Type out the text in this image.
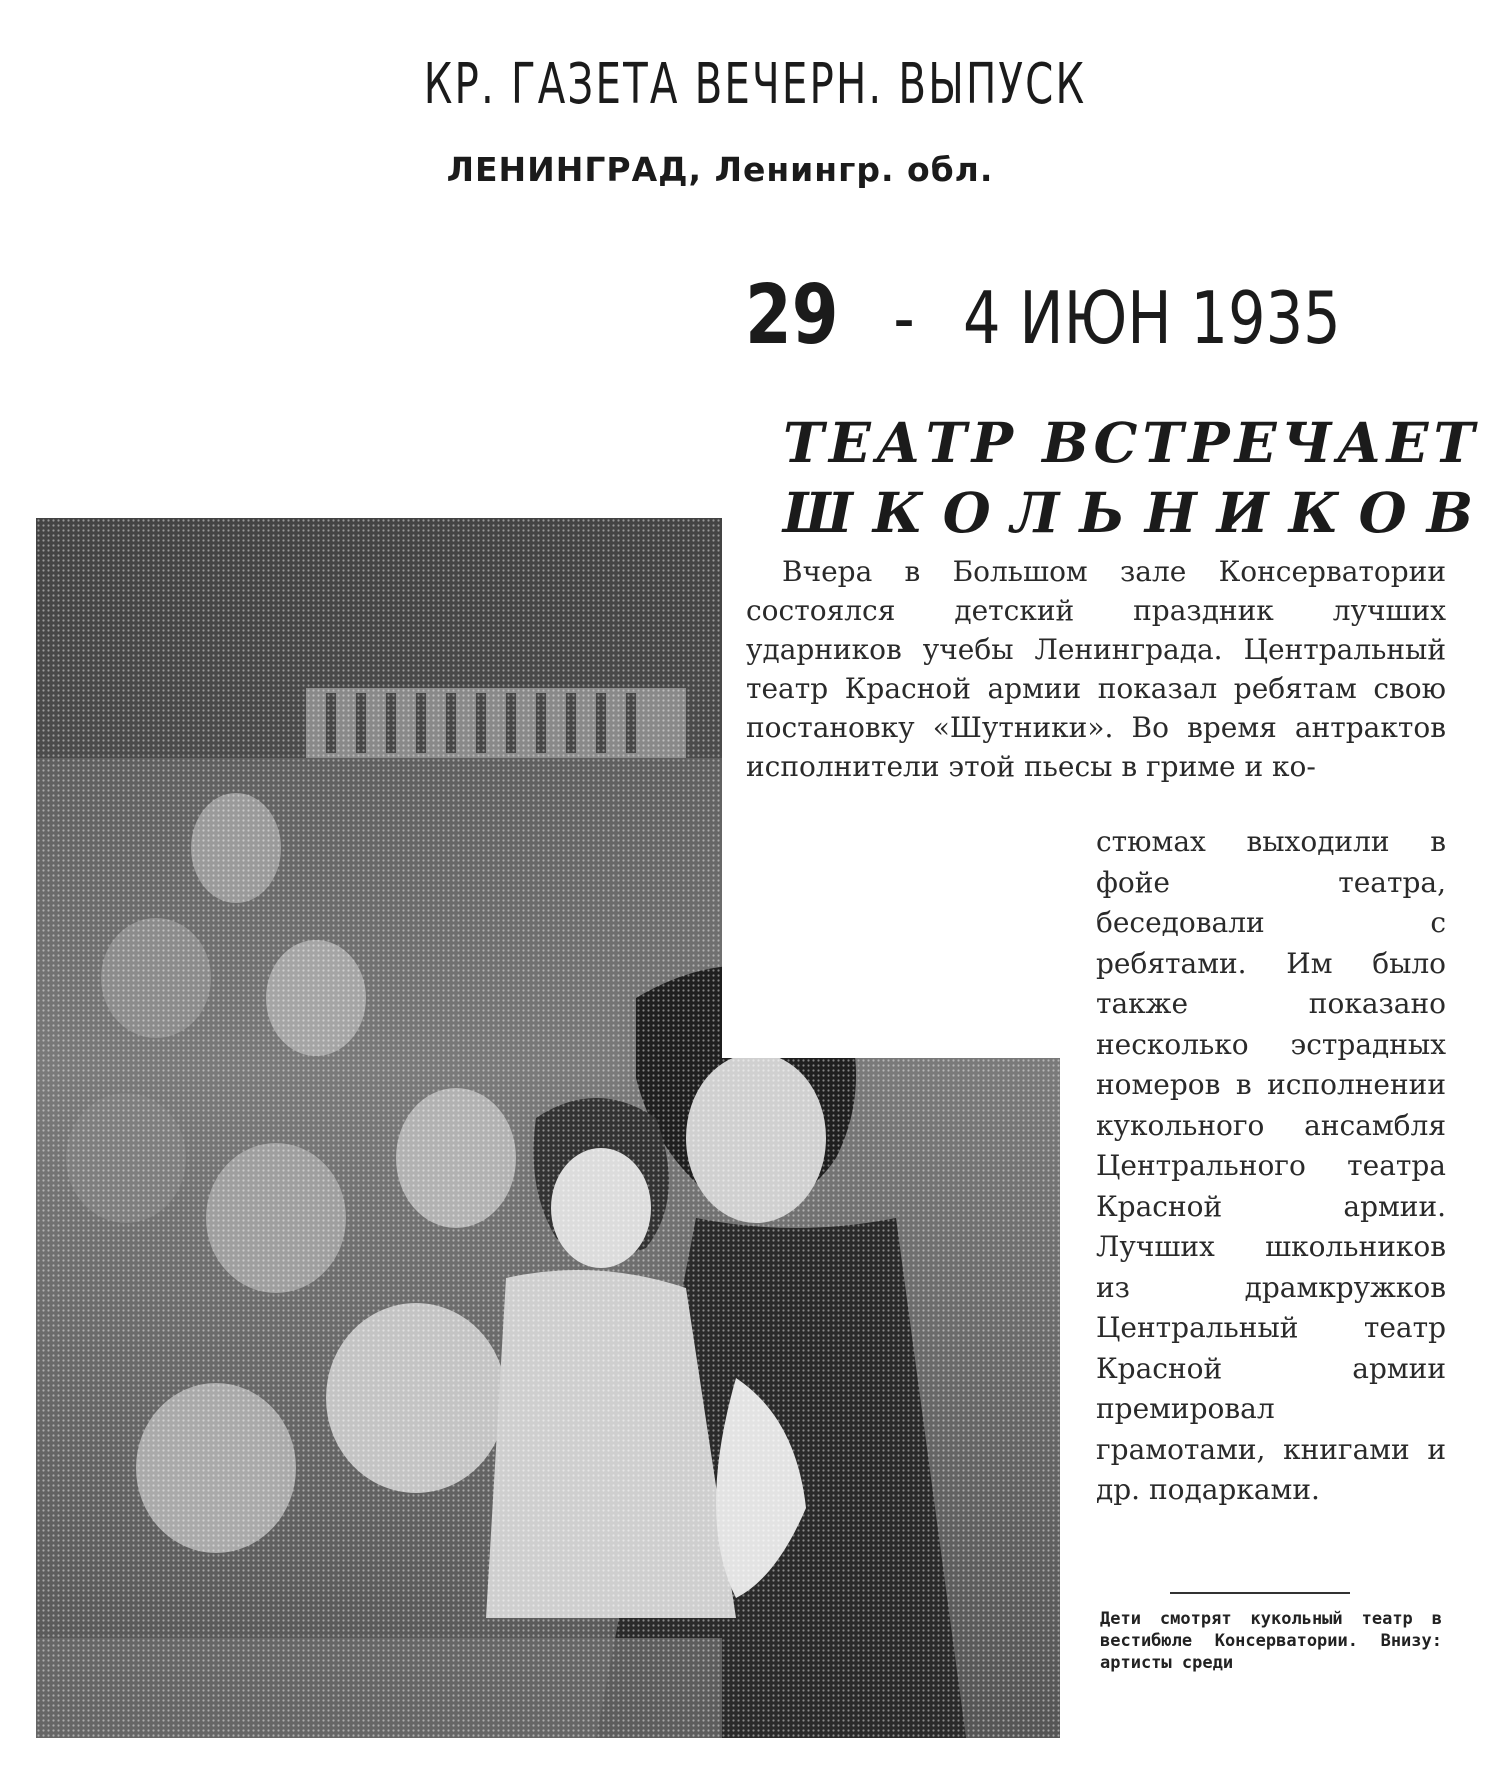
КР. ГАЗЕТА ВЕЧЕРН. ВЫПУСК
ЛЕНИНГРАД, Ленингр. обл.
29 - 4 ИЮН 1935
ТЕАТР ВСТРЕЧАЕТ
ШКОЛЬНИКОВ
Вчера в Большом зале Консерватории состоялся детский праздник лучших ударников учебы Ленинграда. Центральный театр Красной армии показал ребятам свою постановку «Шутники». Во время антрактов исполнители этой пьесы в гриме и ко-
стюмах выходили в фойе театра, беседовали с ребятами. Им было также показано несколько эстрадных номеров в исполнении кукольного ансамбля Центрального театра Красной армии. Лучших школьников из драмкружков Центральный театр Красной армии премировал грамотами, книгами и др. подарками.
Дети смотрят кукольный театр в вестибюле Консерватории. Внизу: артисты среди
